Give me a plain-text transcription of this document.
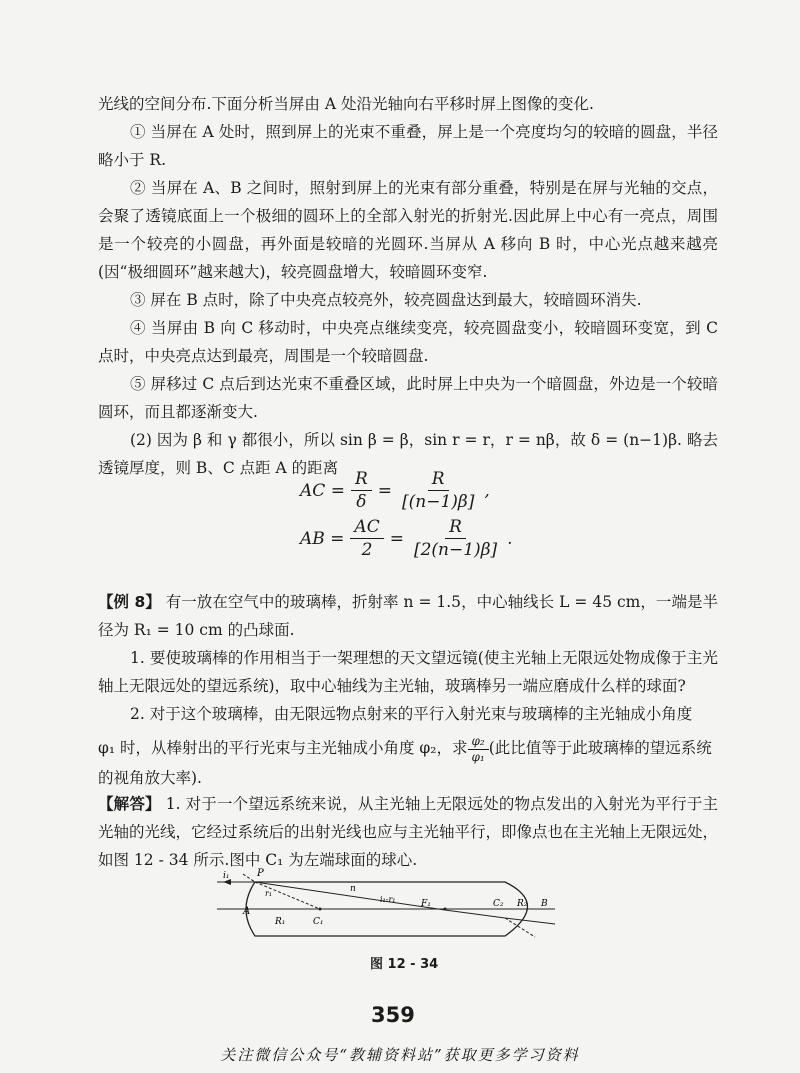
光线的空间分布.下面分析当屏由 A 处沿光轴向右平移时屏上图像的变化.

① 当屏在 A 处时，照到屏上的光束不重叠，屏上是一个亮度均匀的较暗的圆盘，半径略小于 R.

② 当屏在 A、B 之间时，照射到屏上的光束有部分重叠，特别是在屏与光轴的交点，会聚了透镜底面上一个极细的圆环上的全部入射光的折射光.因此屏上中心有一亮点，周围是一个较亮的小圆盘，再外面是较暗的光圆环.当屏从 A 移向 B 时，中心光点越来越亮(因“极细圆环”越来越大)，较亮圆盘增大，较暗圆环变窄.

③ 屏在 B 点时，除了中央亮点较亮外，较亮圆盘达到最大，较暗圆环消失.

④ 当屏由 B 向 C 移动时，中央亮点继续变亮，较亮圆盘变小，较暗圆环变宽，到 C 点时，中央亮点达到最亮，周围是一个较暗圆盘.

⑤ 屏移过 C 点后到达光束不重叠区域，此时屏上中央为一个暗圆盘，外边是一个较暗圆环，而且都逐渐变大.

(2) 因为 β 和 γ 都很小，所以 sin β = β，sin r = r，r = nβ，故 δ = (n−1)β. 略去透镜厚度，则 B、C 点距 A 的距离

AC = $\frac{R}{\delta} = \frac{R}{[(n-1)\beta]}$ ,
AB = $\frac{AC}{2} = \frac{R}{[2(n-1)\beta]}$ .

【例 8】 有一放在空气中的玻璃棒，折射率 n = 1.5，中心轴线长 L = 45 cm，一端是半径为 R₁ = 10 cm 的凸球面.

1. 要使玻璃棒的作用相当于一架理想的天文望远镜(使主光轴上无限远处物成像于主光轴上无限远处的望远系统)，取中心轴线为主光轴，玻璃棒另一端应磨成什么样的球面?

2. 对于这个玻璃棒，由无限远物点射来的平行入射光束与玻璃棒的主光轴成小角度

φ₁ 时，从棒射出的平行光束与主光轴成小角度 φ₂，求 $\frac{\text{φ₂}}{\text{φ₁}}$ (此比值等于此玻璃棒的望远系统

的视角放大率).

【解答】 1. 对于一个望远系统来说，从主光轴上无限远处的物点发出的入射光为平行于主光轴的光线，它经过系统后的出射光线也应与主光轴平行，即像点也在主光轴上无限远处，如图 12 - 34 所示.图中 C₁ 为左端球面的球心.

i₁	P
r₁	n
i₁-r₁	F₁	C₂ R₂ B
A
R₁	C₁
图 12 - 34
359
关注微信公众号“教辅资料站”获取更多学习资料
